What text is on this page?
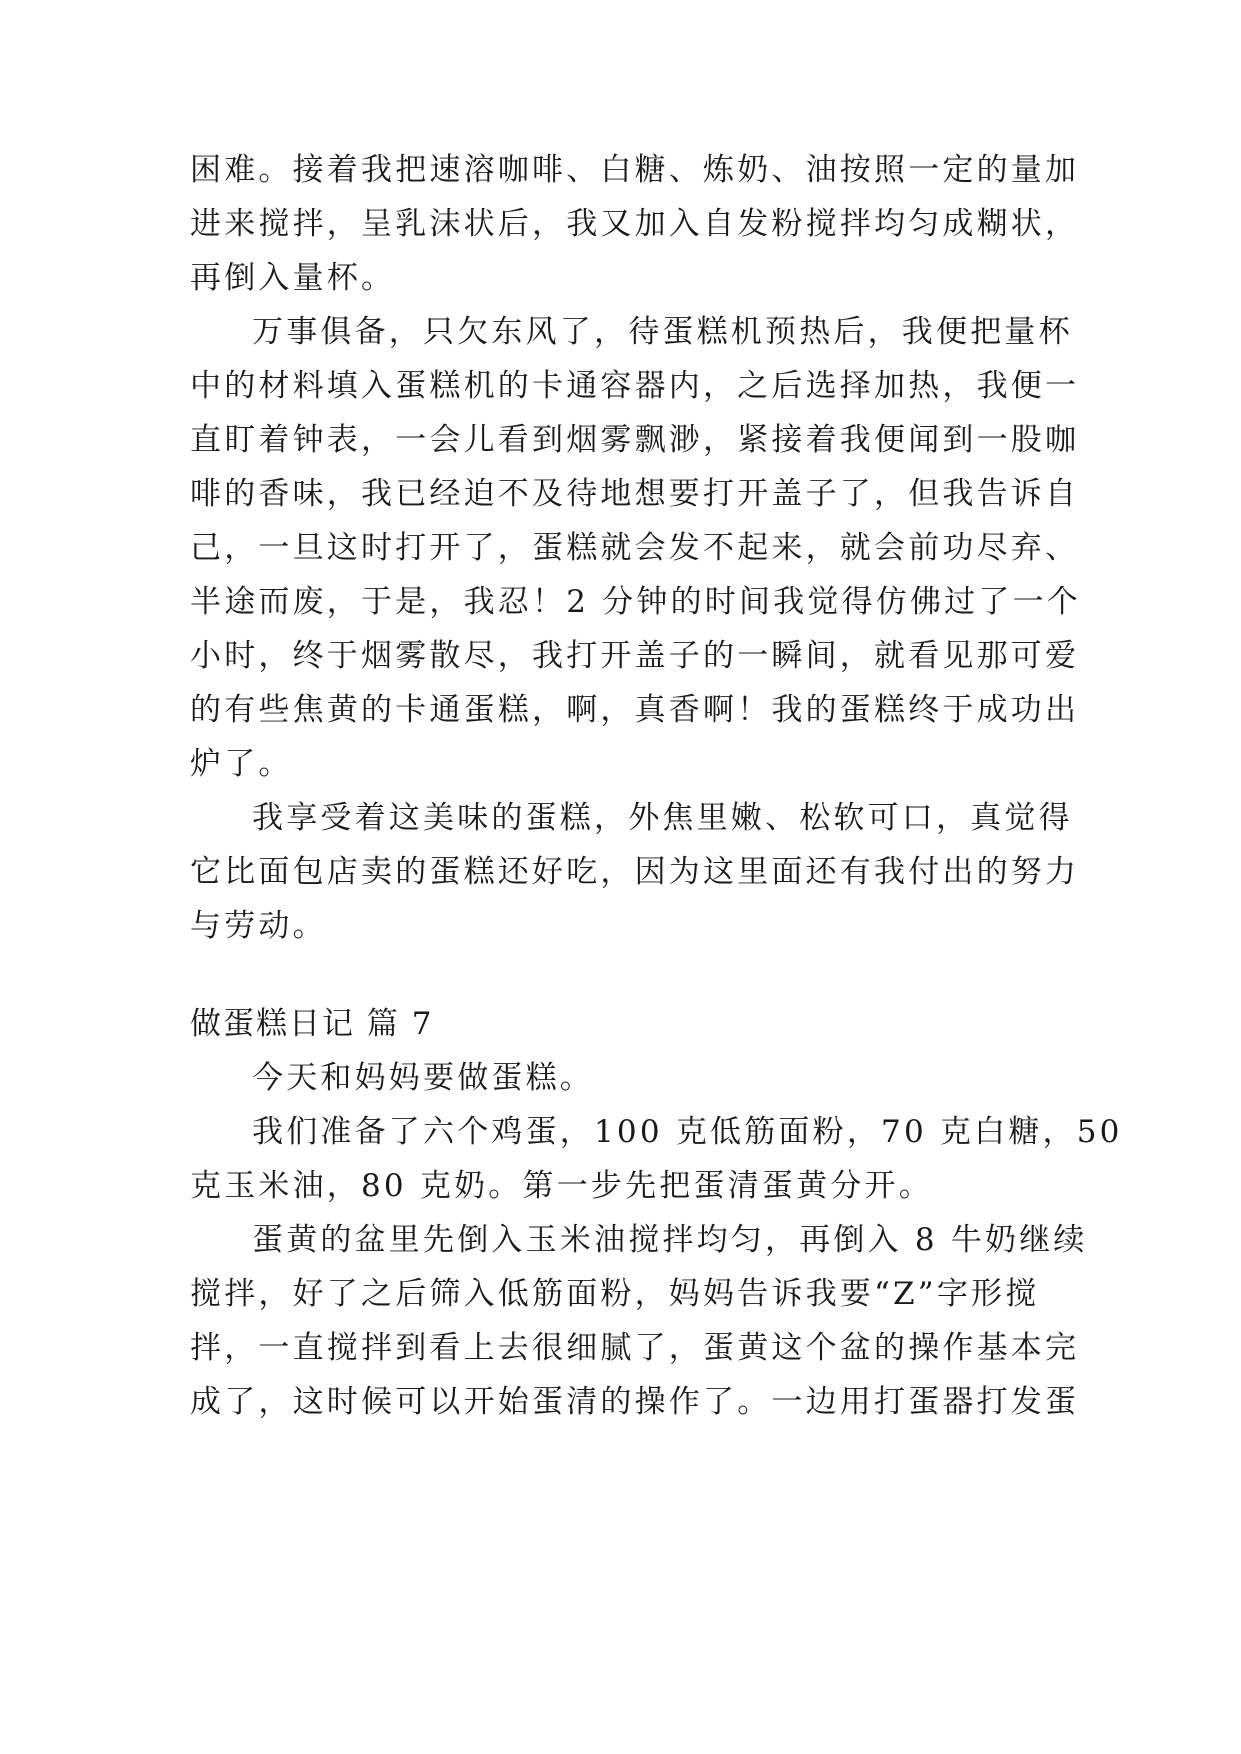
困难。接着我把速溶咖啡、白糖、炼奶、油按照一定的量加
进来搅拌，呈乳沫状后，我又加入自发粉搅拌均匀成糊状，
再倒入量杯。
万事俱备，只欠东风了，待蛋糕机预热后，我便把量杯
中的材料填入蛋糕机的卡通容器内，之后选择加热，我便一
直盯着钟表，一会儿看到烟雾飘渺，紧接着我便闻到一股咖
啡的香味，我已经迫不及待地想要打开盖子了，但我告诉自
己，一旦这时打开了，蛋糕就会发不起来，就会前功尽弃、
半途而废，于是，我忍！2 分钟的时间我觉得仿佛过了一个
小时，终于烟雾散尽，我打开盖子的一瞬间，就看见那可爱
的有些焦黄的卡通蛋糕，啊，真香啊！我的蛋糕终于成功出
炉了。
我享受着这美味的蛋糕，外焦里嫩、松软可口，真觉得
它比面包店卖的蛋糕还好吃，因为这里面还有我付出的努力
与劳动。
做蛋糕日记 篇 7
今天和妈妈要做蛋糕。
我们准备了六个鸡蛋，100 克低筋面粉，70 克白糖，50
克玉米油，80 克奶。第一步先把蛋清蛋黄分开。
蛋黄的盆里先倒入玉米油搅拌均匀，再倒入 8 牛奶继续
搅拌，好了之后筛入低筋面粉，妈妈告诉我要“Z”字形搅
拌，一直搅拌到看上去很细腻了，蛋黄这个盆的操作基本完
成了，这时候可以开始蛋清的操作了。一边用打蛋器打发蛋
